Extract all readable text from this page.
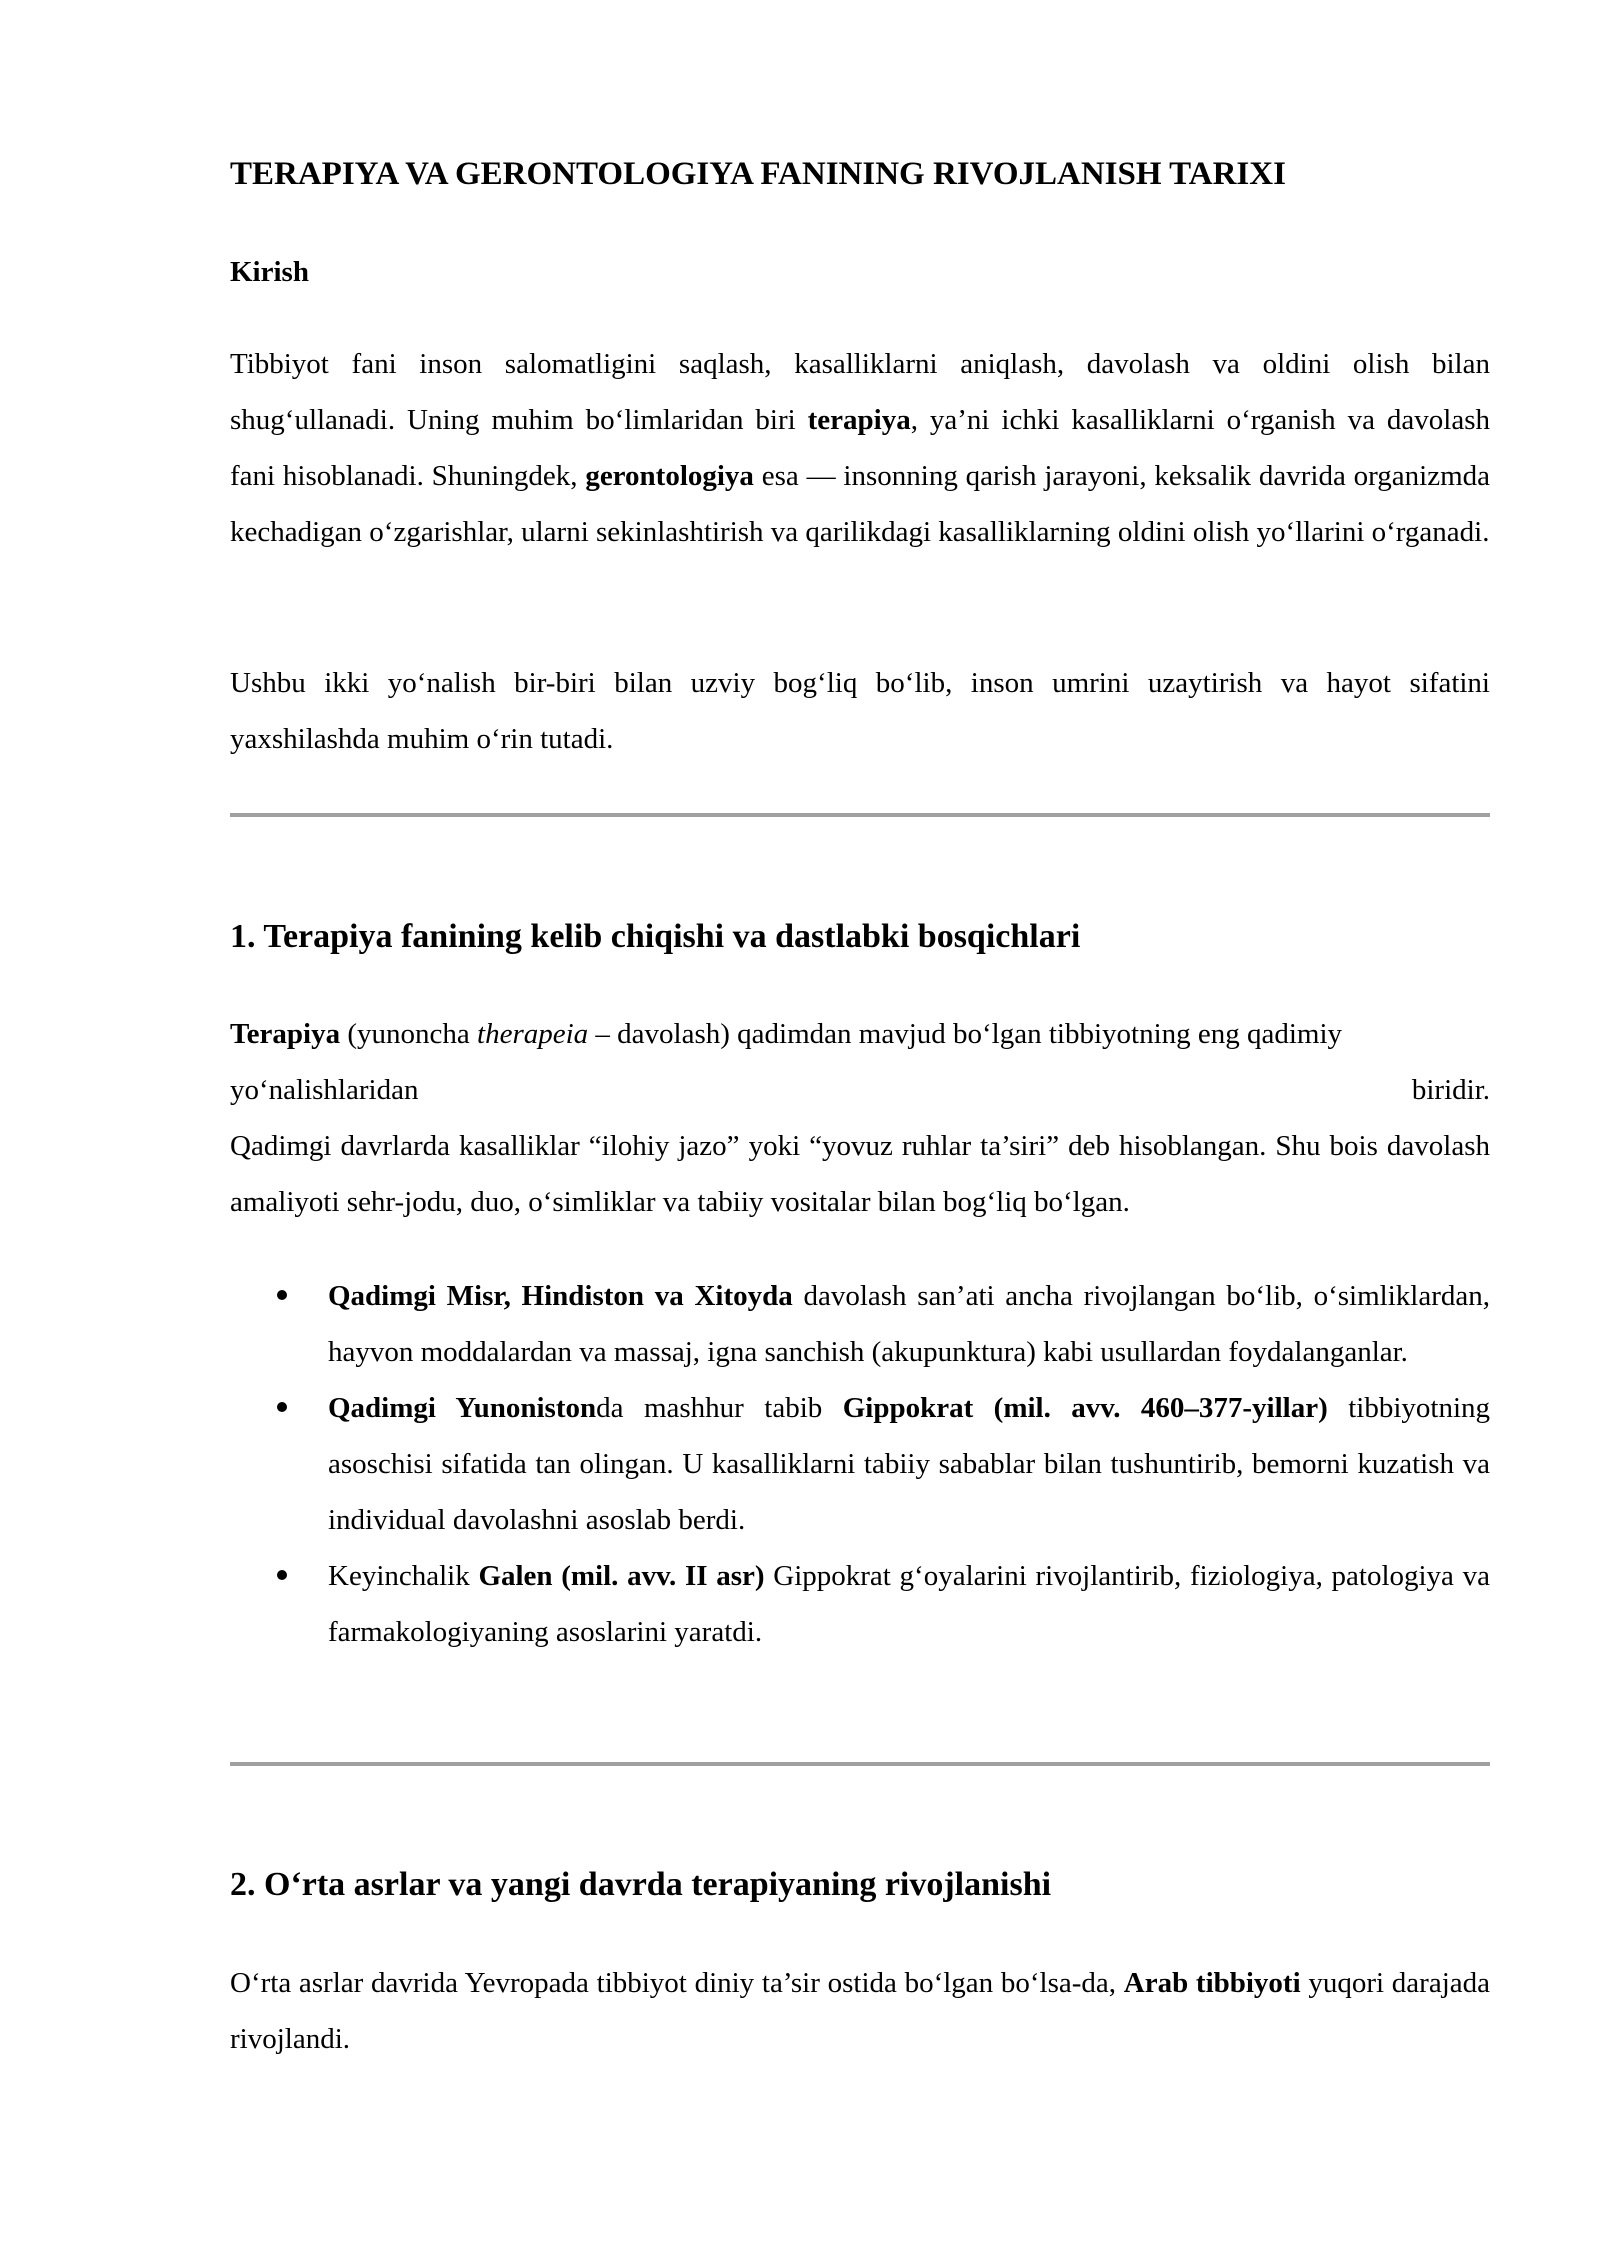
TERAPIYA VA GERONTOLOGIYA FANINING RIVOJLANISH TARIXI
Kirish

Tibbiyot fani inson salomatligini saqlash, kasalliklarni aniqlash, davolash va oldini olish bilan shug‘ullanadi. Uning muhim bo‘limlaridan biri terapiya, ya’ni ichki kasalliklarni o‘rganish va davolash fani hisoblanadi. Shuningdek, gerontologiya esa — insonning qarish jarayoni, keksalik davrida organizmda kechadigan o‘zgarishlar, ularni sekinlashtirish va qarilikdagi kasalliklarning oldini olish yo‘llarini o‘rganadi.

Ushbu ikki yo‘nalish bir-biri bilan uzviy bog‘liq bo‘lib, inson umrini uzaytirish va hayot sifatini yaxshilashda muhim o‘rin tutadi.

1. Terapiya fanining kelib chiqishi va dastlabki bosqichlari

Terapiya (yunoncha therapeia – davolash) qadimdan mavjud bo‘lgan tibbiyotning eng qadimiy
yo‘nalishlaridan	biridir.
Qadimgi davrlarda kasalliklar “ilohiy jazo” yoki “yovuz ruhlar ta’siri” deb hisoblangan. Shu bois davolash amaliyoti sehr-jodu, duo, o‘simliklar va tabiiy vositalar bilan bog‘liq bo‘lgan.

Qadimgi Misr, Hindiston va Xitoyda davolash san’ati ancha rivojlangan bo‘lib, o‘simliklardan, hayvon moddalardan va massaj, igna sanchish (akupunktura) kabi usullardan foydalanganlar.
Qadimgi Yunonistonda mashhur tabib Gippokrat (mil. avv. 460–377-yillar) tibbiyotning asoschisi sifatida tan olingan. U kasalliklarni tabiiy sabablar bilan tushuntirib, bemorni kuzatish va individual davolashni asoslab berdi.
Keyinchalik Galen (mil. avv. II asr) Gippokrat g‘oyalarini rivojlantirib, fiziologiya, patologiya va farmakologiyaning asoslarini yaratdi.
2. O‘rta asrlar va yangi davrda terapiyaning rivojlanishi

O‘rta asrlar davrida Yevropada tibbiyot diniy ta’sir ostida bo‘lgan bo‘lsa-da, Arab tibbiyoti yuqori darajada rivojlandi.
